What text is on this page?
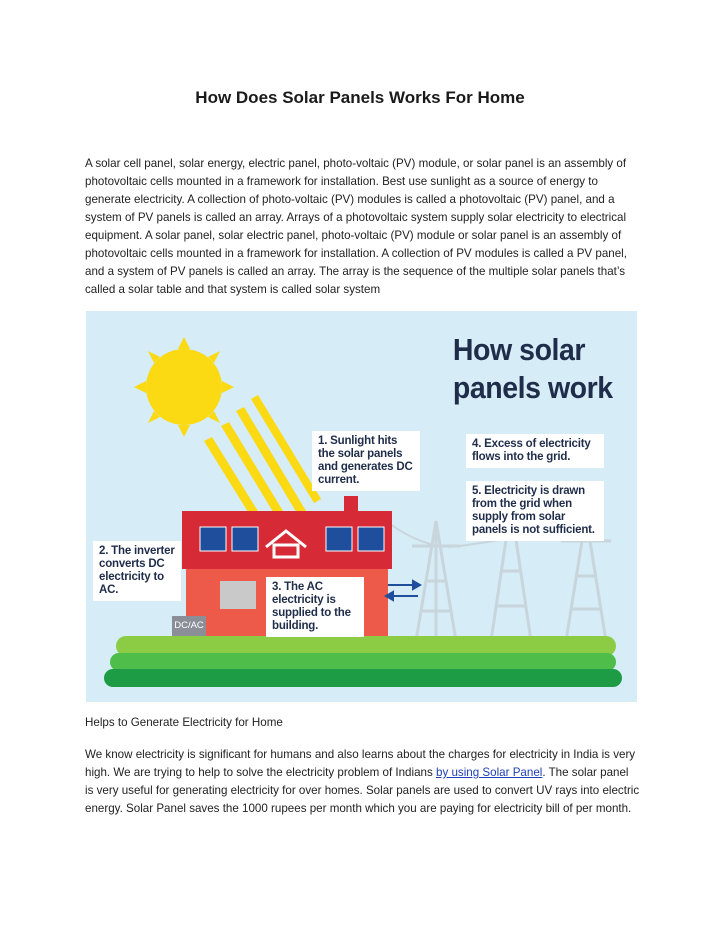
How Does Solar Panels Works For Home

A solar cell panel, solar energy, electric panel, photo-voltaic (PV) module, or solar panel is an assembly of photovoltaic cells mounted in a framework for installation. Best use sunlight as a source of energy to generate electricity. A collection of photo-voltaic (PV) modules is called a photovoltaic (PV) panel, and a system of PV panels is called an array. Arrays of a photovoltaic system supply solar electricity to electrical equipment. A solar panel, solar electric panel, photo-voltaic (PV) module or solar panel is an assembly of photovoltaic cells mounted in a framework for installation. A collection of PV modules is called a PV panel, and a system of PV panels is called an array. The array is the sequence of the multiple solar panels that’s called a solar table and that system is called solar system

How solar
panels work
1. Sunlight hits the solar panels and generates DC current.
2. The inverter converts DC electricity to AC.	3. The AC electricity is supplied to the building.
4. Excess of electricity flows into the grid.
5. Electricity is drawn from the grid when supply from solar panels is not sufficient.
DC/AC
Helps to Generate Electricity for Home

We know electricity is significant for humans and also learns about the charges for electricity in India is very high. We are trying to help to solve the electricity problem of Indians by using Solar Panel. The solar panel is very useful for generating electricity for over homes. Solar panels are used to convert UV rays into electric energy. Solar Panel saves the 1000 rupees per month which you are paying for electricity bill of per month.
